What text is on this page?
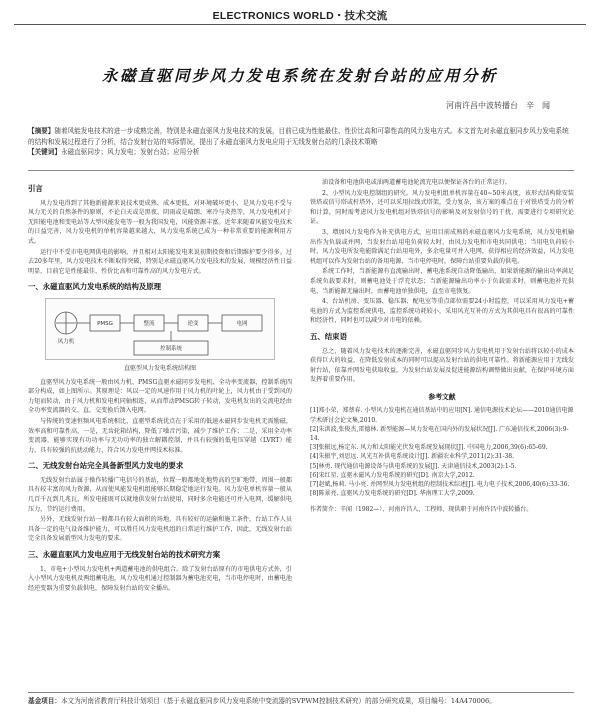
ELECTRONICS WORLD・技术交流
永磁直驱同步风力发电系统在发射台站的应用分析
河南许昌中波转播台　辛　闻
【摘要】随着风能发电技术的进一步成熟完善，特别是永磁直驱风力发电技术的发展，目前已成为性能最佳、性价比高和可靠性高的风力发电方式。本文首先对永磁直驱同步风力发电系统的结构和发展过程进行了分析，结合发射台站的实际情况，提出了永磁直驱风力发电应用于无线发射台站的几条技术策略
【关键词】永磁直驱同步；风力发电；发射台站；应用分析
引言

风力发电得到了其他新能源来说技术更成熟、成本更低、对环境破坏更小，是风力发电不受与风力无关的自然条件的原则，不论白天或是黑夜、阴雨或是晴朗、寒冷与炎热等，风力发电机对于无阳能电池和变电站等大型风能发电等一般为我国发电，风能资源丰富。近年来随着风能发电技术的日益完善，风力发电机的单机容量越来越大，风力发电系统已成为一种非常重要的能源利用方式。

运行中不受市电电网供电的影响，并且相对太阳能发电来说初期投资和后期维护要少得多。过去20多年里，风力发电技术不断取得突破，特别是永磁直驱风力发电技术的发展，规模经济性日益明显，目前它是性能最佳、性价比高和可靠性高的风力发电方式。

一、永磁直驱风力发电系统的结构及原理
风力机
PMSG	整流	逆变	电网
控制系统
直驱型风力发电系统结构图

直驱型风力发电系统一般由风力机、PMSG直驱永磁同步发电机、全功率变流器、控制系统四部分构成，如上图所示。其原理是：风以一定的风速作用于风力机的叶轮上，风力机由于受到风的力矩而转动，由于风力机和发电机同轴相连，从而带动PMSG转子转动，发电机发出的交流电经由全功率变流器的交、直、交变换后馈入电网。

与传统的变速恒频风电系统相比，直驱型系统优点在于采用的低速永磁同步发电机无需励磁，效率高和可靠性高，一是，无齿轮箱结构，降低了噪音污染，减少了维护工作；二是，采用全功率变流器，能够实现有功功率与无功功率的独立解耦控制，并具有较强的低电压穿越（LVRT）能力，具有较强的抗扰动能力，符合风力发电并网技术标准。

二、无线发射台站完全具备新型风力发电的要求

无线发射台站属于操作转播广电信号的基站，位置一般都地处地势高的空旷地带，周围一般都具有较丰富的风力资源，从而使风能发电机组能够长期稳定地运行发电。风力发电单机容量一般从几百千瓦到几兆瓦，所发电能既可以就地供发射台站使用，同时多余电能还可并入电网，缓解供电压力，节约运行费用。

另外，无线发射台站一般都具有较大面积的场地，具有较好的运输和施工条件，台站工作人员具备一定的电气设备维护能力，可以胜任风力发电机组的日常运行维护工作，因此，无线发射台站完全具备发展新型风力发电的要求。

三、永磁直驱风力发电应用于无线发射台站的技术研究方案

1、市电+小型风力发电机+两道蓄电池的供电组合。除了发射台站原有的市电供电方式外，引入小型风力发电机及两组蓄电池，风力发电机通过控制器为蓄电池充电，当市电停电时，由蓄电池经逆变器为重要负载供电，保障发射台站的安全播出。

油设备和电池供电或油两道蓄电池轮流充电以便保证各台的正常运行。

2、小型风力发电控制组的研究。风力发电机组单机容量在40~50米高度，该形式结构除安装铁塔或信号塔或杆塔外，还可以采用拉线式塔架，受力复杂，该方案的难点在于对铁塔受力的分析和计算，同时需考虑风力发电机组对铁塔信号的影响及对发射信号的干扰，需要进行专项研究论证。

3、增加风力发电作为补充供电方式，应用目前成熟的永磁直驱风力发电系统，风力发电机输出作为负载或并网，当发射台站用电负荷较大时，由风力发电和市电共同供电；当用电负荷较小时，风力发电所发电能除满足台站用电外，多余电量可并入电网，获得相应的经济效益，风力发电机组可以作为发射台站的备用电源，当市电停电时，保障台站重要负载的供电。

系统工作时，当新能源有直流输出时，蓄电池系统自动降低输出，如果新能源的输出功率满足系统负载要求时，则蓄电池处于浮充状态；当新能源输出功率小于负载需求时，则蓄电池补充供电，当新能源无输出时，由蓄电池单独供电，直至市电恢复。

4、台站机房、变压器、稳压器、配电室等重点部位需要24小时监控，可以采用风力发电+蓄电池的方式为监控系统供电，监控系统功耗较小，采用风光互补的方式为其供电具有很高的可靠性和经济性，同时也可以减少对市电的依赖。

五、结束语

总之，随着风力发电技术的逐渐完善，永磁直驱同步风力发电机用于发射台站将以较小的成本获得巨大的收益，在降低发射成本的同时可以提高发射台站的供电可靠性。将新能源应用于无线发射台站，依靠并网发电获取收益，为发射台站发展及促进能源结构调整做出贡献，在保护环境方面发挥着重要作用。

参考文献
[1]郑小荣，郑蔡春. 小型风力发电机在通信基站中的应用[N]. 通信电源技术论坛——2010通信电源学术研讨会论文集,2010.
[2]朱洪波,张俊杰,雷德林. 新型能源—风力发电在国内外的发展状况[J]. 广东通信技术,2006(3):9-14.
[3]张振远,杨定东. 风力和太阳能光伏发电系统发展现状[J]. 中国电力,2006,39(6):65-69.
[4]朱振宇,刘思远. 风光互补供电系统设计[J]. 新疆农业科学,2011(2):31-38.
[5]林勇. 现代通信电源设备与供电系统的发展[J]. 天津通信技术,2003(2):1-5.
[6]宋红星. 直驱永磁风力发电系统的研究[D]. 南京大学,2012.
[7]赵斌,杨莉. 马小亮. 并网型风力发电机组的控制技术综述[J]. 电力电子技术,2006,40(6):33-36.
[8]陈景亮. 直驱风力发电系统的研究[D]. 华南理工大学,2009.
作者简介：辛闻（1982—），河南许昌人，工程师，现供职于河南许昌中波转播台。
基金项目：本文为河南省教育厅科技计划项目（基于永磁直驱同步风力发电系统中变流器的SVPWM控制技术研究）的部分研究成果，项目编号：14A470006。
